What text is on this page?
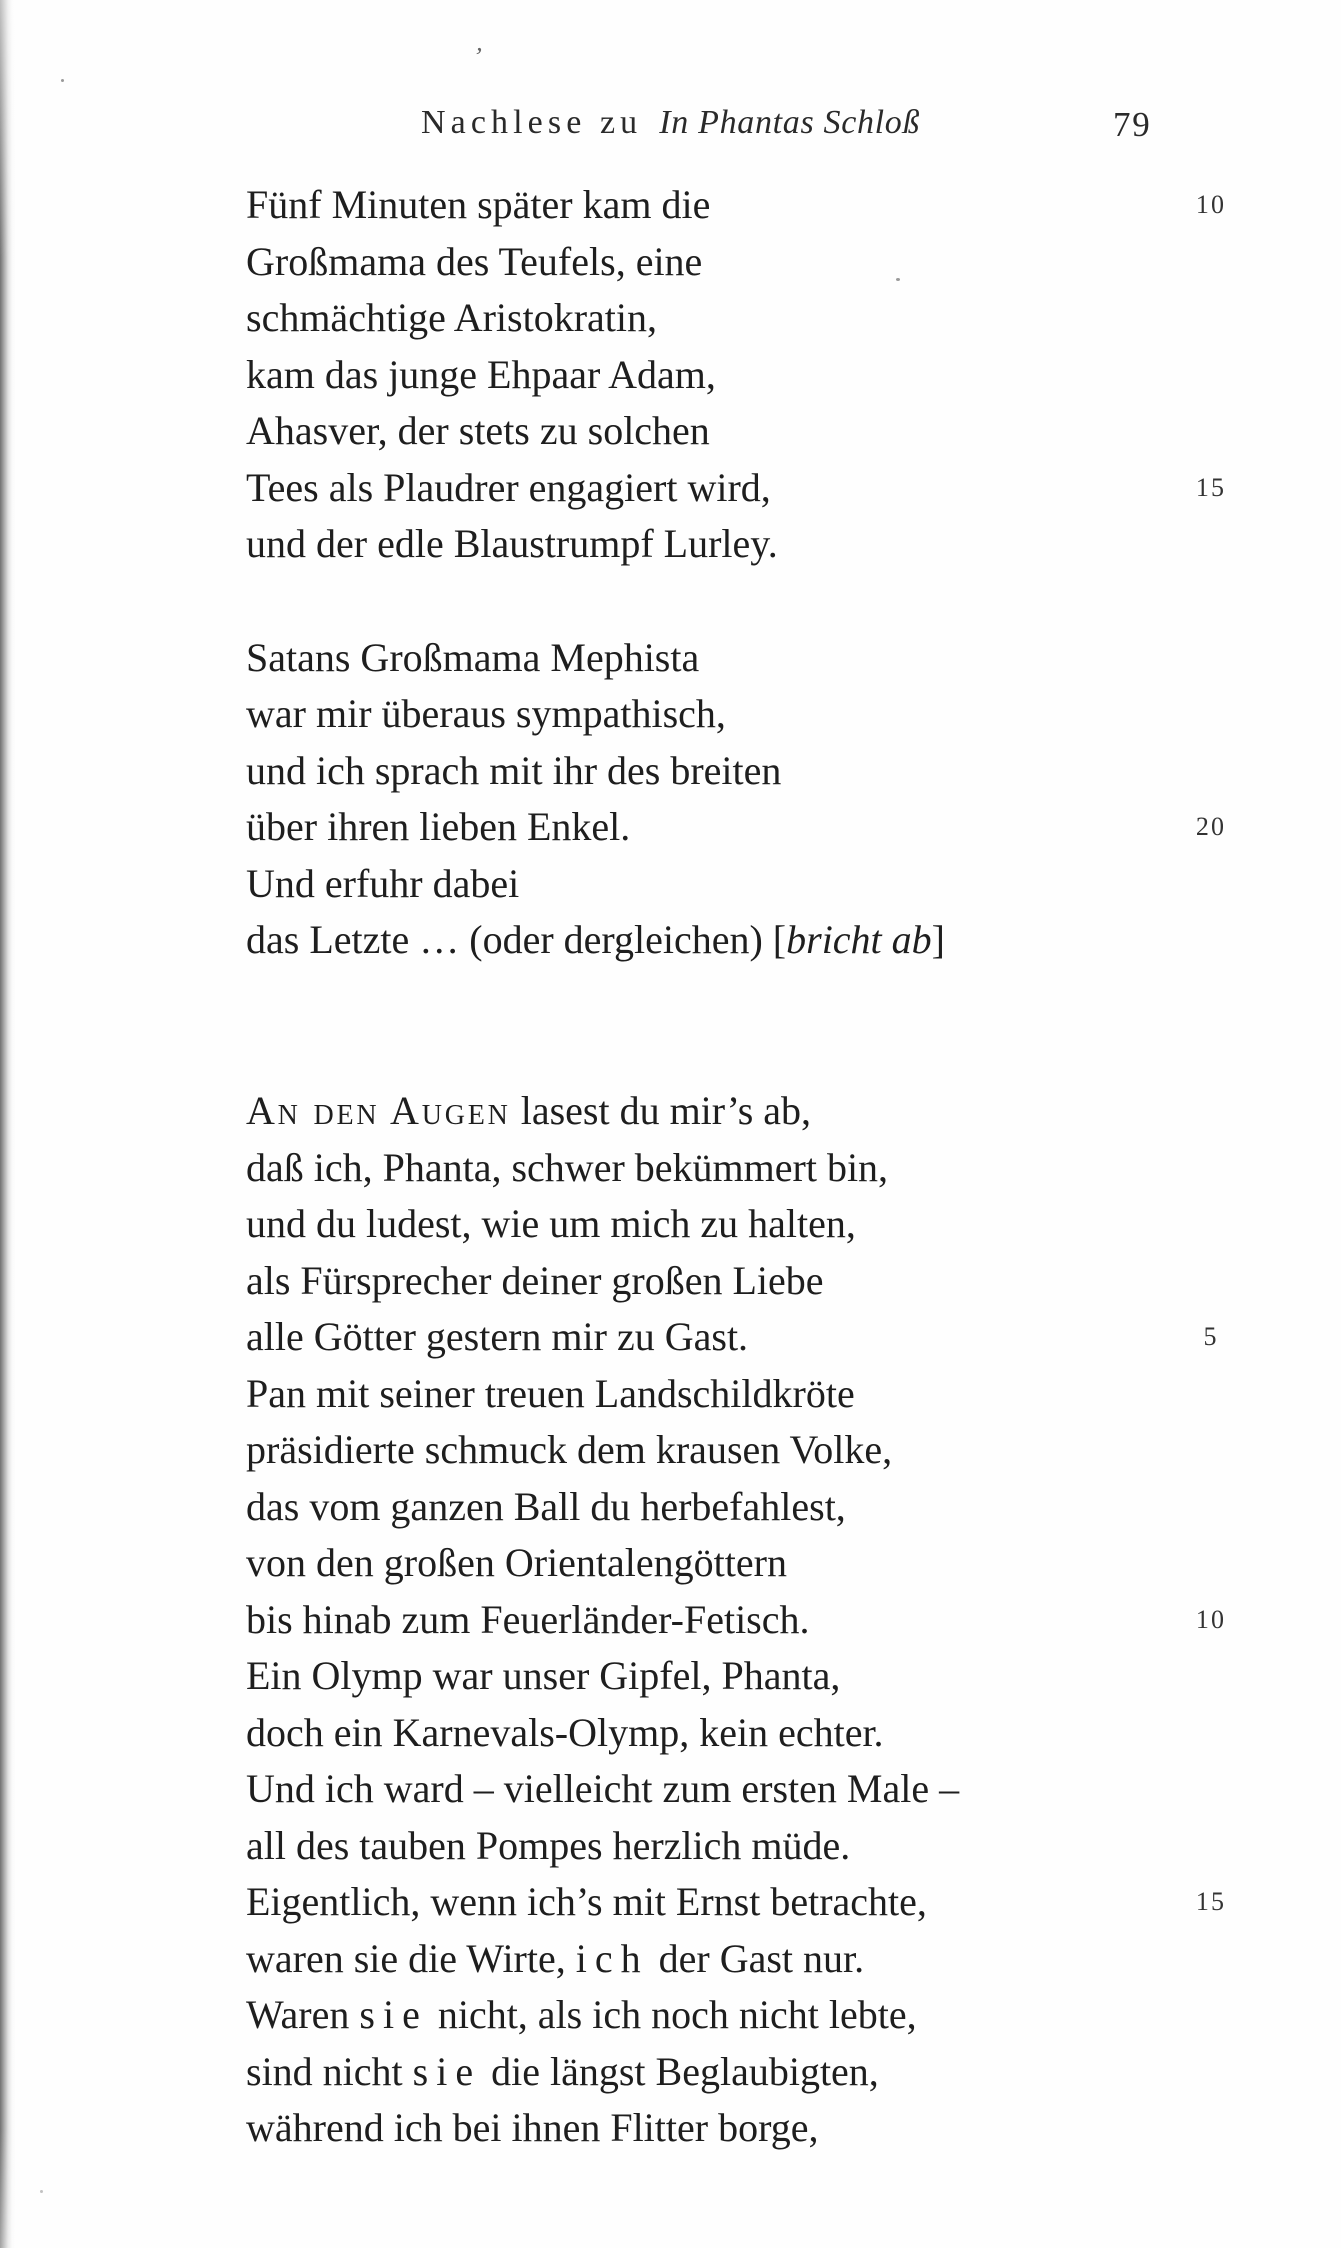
Nachlese zu In Phantas Schloß	79
Fünf Minuten später kam die	10
Großmama des Teufels, eine
schmächtige Aristokratin,
kam das junge Ehpaar Adam,
Ahasver, der stets zu solchen
Tees als Plaudrer engagiert wird,	15
und der edle Blaustrumpf Lurley.
Satans Großmama Mephista
war mir überaus sympathisch,
und ich sprach mit ihr des breiten
über ihren lieben Enkel.	20
Und erfuhr dabei
das Letzte … (oder dergleichen) [bricht ab]
An den Augen lasest du mir’s ab,
daß ich, Phanta, schwer bekümmert bin,
und du ludest, wie um mich zu halten,
als Fürsprecher deiner großen Liebe
alle Götter gestern mir zu Gast.	5
Pan mit seiner treuen Landschildkröte
präsidierte schmuck dem krausen Volke,
das vom ganzen Ball du herbefahlest,
von den großen Orientalengöttern
bis hinab zum Feuerländer-Fetisch.	10
Ein Olymp war unser Gipfel, Phanta,
doch ein Karnevals-Olymp, kein echter.
Und ich ward – vielleicht zum ersten Male –
all des tauben Pompes herzlich müde.
Eigentlich, wenn ich’s mit Ernst betrachte,	15
waren sie die Wirte, ich der Gast nur.
Waren sie nicht, als ich noch nicht lebte,
sind nicht sie die längst Beglaubigten,
während ich bei ihnen Flitter borge,
’
